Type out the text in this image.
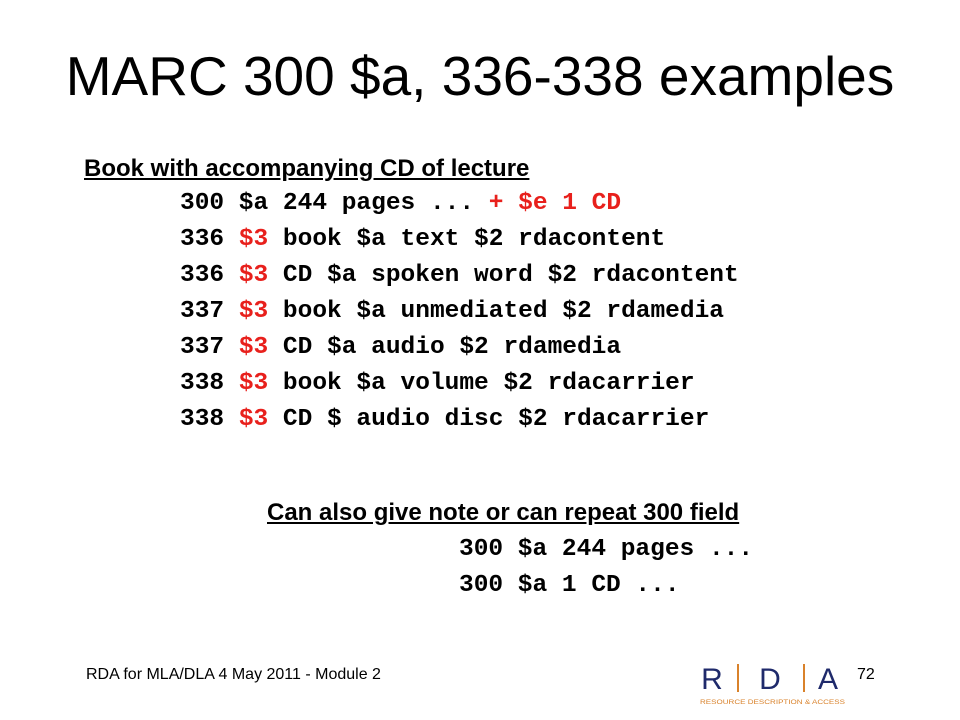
MARC 300 $a, 336-338 examples
Book with accompanying CD of lecture
300 $a 244 pages ... + $e 1 CD
336 $3 book $a text $2 rdacontent
336 $3 CD $a spoken word $2 rdacontent
337 $3 book $a unmediated $2 rdamedia
337 $3 CD $a audio $2 rdamedia
338 $3 book $a volume $2 rdacarrier
338 $3 CD $ audio disc $2 rdacarrier
Can also give note or can repeat 300 field
300 $a 244 pages ...
300 $a 1 CD ...
RDA for MLA/DLA 4 May 2011 - Module 2	72
R D A
RESOURCE DESCRIPTION & ACCESS
